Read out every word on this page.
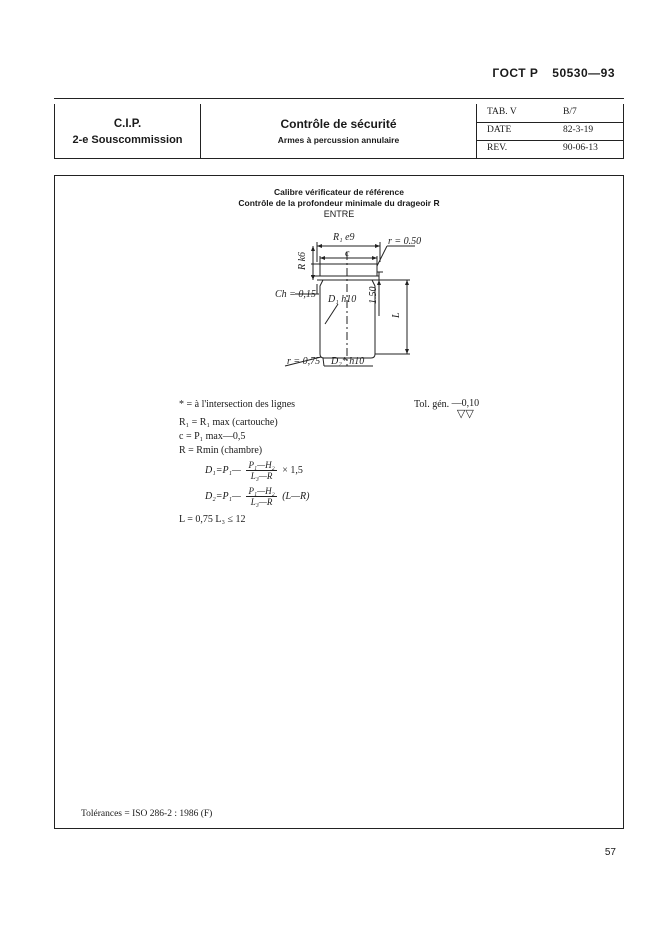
ГОСТ Р 50530—93
C.I.P.
2-e Souscommission
Contrôle de sécurité
Armes à percussion annulaire
TAB. V	B/7
DATE	82-3-19
REV.	90-06-13
Calibre vérificateur de référence
Contrôle de la profondeur minimale du drageoir R
ENTRE
R₁ e9	r = 0.50
c
R k6
Ch = 0,15 D₁ h10 1.50
L
r = 0,75 D₂* h10
* = à l'intersection des lignes	Tol. gén. —0,10
▽▽
R₁ = R₁ max (cartouche)
c = P₁ max—0,5
R = Rmin (chambre)
D₁=P₁— $\frac{\text{P₁—H₂}}{\text{L₃—R}} \times 1,5$
D₂=P₁— $\frac{\text{P₁—H₂}}{\text{L₃—R}}$ (L—R)
L = 0,75 L₃ ≤ 12
Tolérances = ISO 286-2 : 1986 (F)
57
